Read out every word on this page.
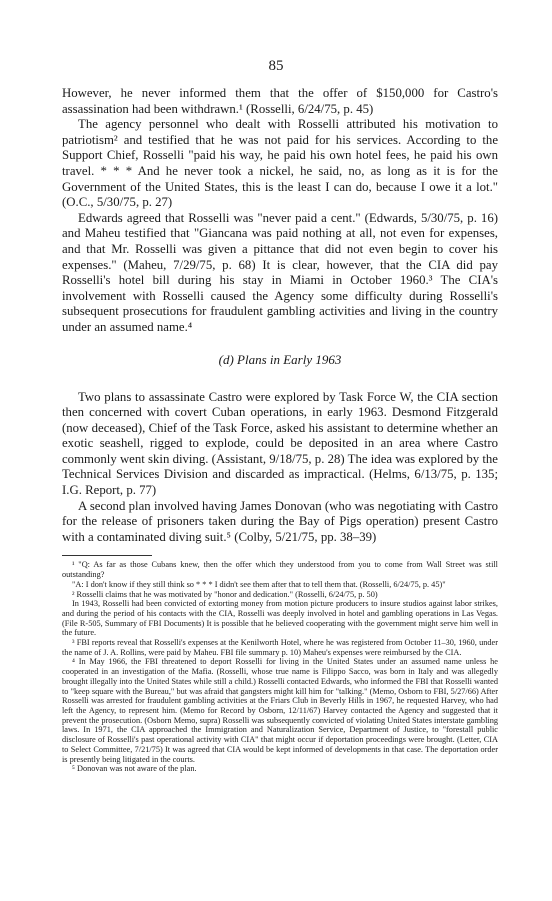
85

However, he never informed them that the offer of $150,000 for Castro's assassination had been withdrawn.¹ (Rosselli, 6/24/75, p. 45)

The agency personnel who dealt with Rosselli attributed his motivation to patriotism² and testified that he was not paid for his services. According to the Support Chief, Rosselli "paid his way, he paid his own hotel fees, he paid his own travel. * * * And he never took a nickel, he said, no, as long as it is for the Government of the United States, this is the least I can do, because I owe it a lot." (O.C., 5/30/75, p. 27)

Edwards agreed that Rosselli was "never paid a cent." (Edwards, 5/30/75, p. 16) and Maheu testified that "Giancana was paid nothing at all, not even for expenses, and that Mr. Rosselli was given a pittance that did not even begin to cover his expenses." (Maheu, 7/29/75, p. 68) It is clear, however, that the CIA did pay Rosselli's hotel bill during his stay in Miami in October 1960.³ The CIA's involvement with Rosselli caused the Agency some difficulty during Rosselli's subsequent prosecutions for fraudulent gambling activities and living in the country under an assumed name.⁴

(d) Plans in Early 1963

Two plans to assassinate Castro were explored by Task Force W, the CIA section then concerned with covert Cuban operations, in early 1963. Desmond Fitzgerald (now deceased), Chief of the Task Force, asked his assistant to determine whether an exotic seashell, rigged to explode, could be deposited in an area where Castro commonly went skin diving. (Assistant, 9/18/75, p. 28) The idea was explored by the Technical Services Division and discarded as impractical. (Helms, 6/13/75, p. 135; I.G. Report, p. 77)

A second plan involved having James Donovan (who was negotiating with Castro for the release of prisoners taken during the Bay of Pigs operation) present Castro with a contaminated diving suit.⁵ (Colby, 5/21/75, pp. 38–39)

¹ "Q: As far as those Cubans knew, then the offer which they understood from you to come from Wall Street was still outstanding?

"A: I don't know if they still think so * * * I didn't see them after that to tell them that. (Rosselli, 6/24/75, p. 45)"

² Rosselli claims that he was motivated by "honor and dedication." (Rosselli, 6/24/75, p. 50)

In 1943, Rosselli had been convicted of extorting money from motion picture producers to insure studios against labor strikes, and during the period of his contacts with the CIA, Rosselli was deeply involved in hotel and gambling operations in Las Vegas. (File R-505, Summary of FBI Documents) It is possible that he believed cooperating with the government might serve him well in the future.

³ FBI reports reveal that Rosselli's expenses at the Kenilworth Hotel, where he was registered from October 11–30, 1960, under the name of J. A. Rollins, were paid by Maheu. FBI file summary p. 10) Maheu's expenses were reimbursed by the CIA.

⁴ In May 1966, the FBI threatened to deport Rosselli for living in the United States under an assumed name unless he cooperated in an investigation of the Mafia. (Rosselli, whose true name is Filippo Sacco, was born in Italy and was allegedly brought illegally into the United States while still a child.) Rosselli contacted Edwards, who informed the FBI that Rosselli wanted to "keep square with the Bureau," but was afraid that gangsters might kill him for "talking." (Memo, Osborn to FBI, 5/27/66) After Rosselli was arrested for fraudulent gambling activities at the Friars Club in Beverly Hills in 1967, he requested Harvey, who had left the Agency, to represent him. (Memo for Record by Osborn, 12/11/67) Harvey contacted the Agency and suggested that it prevent the prosecution. (Osborn Memo, supra) Rosselli was subsequently convicted of violating United States interstate gambling laws. In 1971, the CIA approached the Immigration and Naturalization Service, Department of Justice, to "forestall public disclosure of Rosselli's past operational activity with CIA" that might occur if deportation proceedings were brought. (Letter, CIA to Select Committee, 7/21/75) It was agreed that CIA would be kept informed of developments in that case. The deportation order is presently being litigated in the courts.

⁵ Donovan was not aware of the plan.
